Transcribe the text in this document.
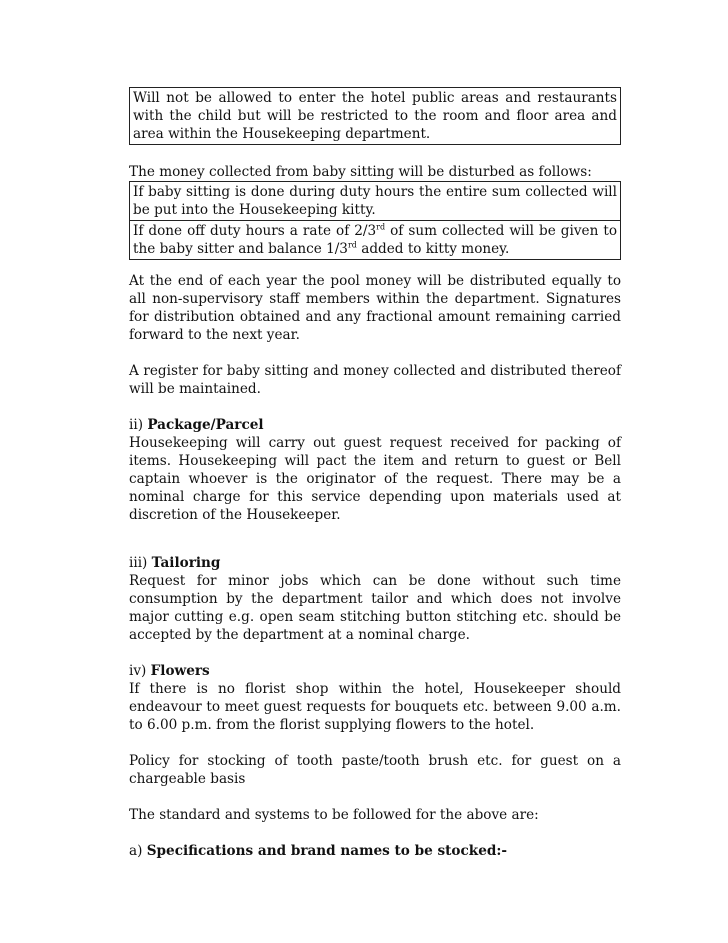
Will not be allowed to enter the hotel public areas and restaurants with the child but will be restricted to the room and floor area and area within the Housekeeping department.

The money collected from baby sitting will be disturbed as follows:

If baby sitting is done during duty hours the entire sum collected will be put into the Housekeeping kitty.

If done off duty hours a rate of 2/3rd of sum collected will be given to the baby sitter and balance 1/3rd added to kitty money.

At the end of each year the pool money will be distributed equally to all non-supervisory staff members within the department. Signatures for distribution obtained and any fractional amount remaining carried forward to the next year.

A register for baby sitting and money collected and distributed thereof will be maintained.

ii) Package/Parcel

Housekeeping will carry out guest request received for packing of items. Housekeeping will pact the item and return to guest or Bell captain whoever is the originator of the request. There may be a nominal charge for this service depending upon materials used at discretion of the Housekeeper.

iii) Tailoring

Request for minor jobs which can be done without such time consumption by the department tailor and which does not involve major cutting e.g. open seam stitching button stitching etc. should be accepted by the department at a nominal charge.

iv) Flowers

If there is no florist shop within the hotel, Housekeeper should endeavour to meet guest requests for bouquets etc. between 9.00 a.m. to 6.00 p.m. from the florist supplying flowers to the hotel.

Policy for stocking of tooth paste/tooth brush etc. for guest on a chargeable basis

The standard and systems to be followed for the above are:

a) Specifications and brand names to be stocked:-
